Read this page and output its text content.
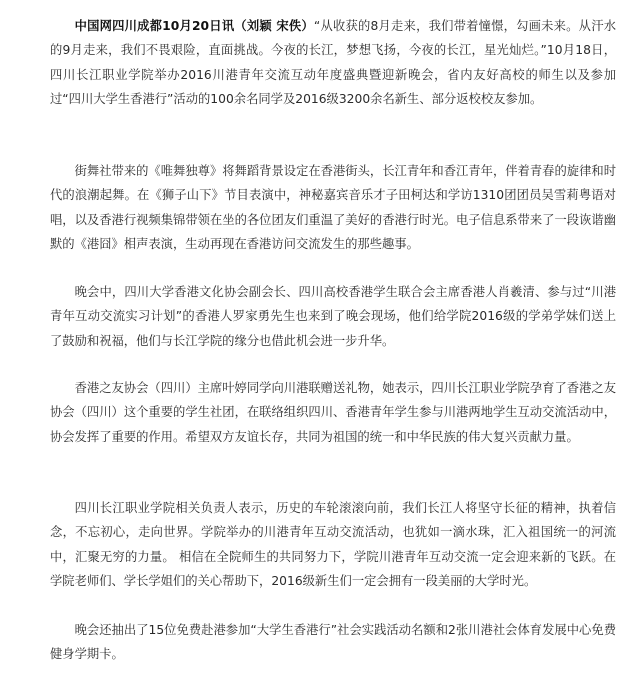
中国网四川成都10月20日讯（刘颖 宋佚）“从收获的8月走来，我们带着憧憬，勾画未来。从汗水的9月走来，我们不畏艰险，直面挑战。今夜的长江，梦想飞扬，今夜的长江，星光灿烂。”10月18日，四川长江职业学院举办2016川港青年交流互动年度盛典暨迎新晚会，省内友好高校的师生以及参加过“四川大学生香港行”活动的100余名同学及2016级3200余名新生、部分返校校友参加。

街舞社带来的《唯舞独尊》将舞蹈背景设定在香港街头，长江青年和香江青年，伴着青春的旋律和时代的浪潮起舞。在《狮子山下》节目表演中，神秘嘉宾音乐才子田柯达和学访1310团团员吴雪莉粤语对唱，以及香港行视频集锦带领在坐的各位团友们重温了美好的香港行时光。电子信息系带来了一段诙谐幽默的《港囧》相声表演，生动再现在香港访问交流发生的那些趣事。

晚会中，四川大学香港文化协会副会长、四川高校香港学生联合会主席香港人肖羲清、参与过“川港青年互动交流实习计划”的香港人罗家勇先生也来到了晚会现场，他们给学院2016级的学弟学妹们送上了鼓励和祝福，他们与长江学院的缘分也借此机会进一步升华。

香港之友协会（四川）主席叶婷同学向川港联赠送礼物，她表示，四川长江职业学院孕育了香港之友协会（四川）这个重要的学生社团，在联络组织四川、香港青年学生参与川港两地学生互动交流活动中，协会发挥了重要的作用。希望双方友谊长存，共同为祖国的统一和中华民族的伟大复兴贡献力量。

四川长江职业学院相关负责人表示，历史的车轮滚滚向前，我们长江人将坚守长征的精神，执着信念，不忘初心，走向世界。学院举办的川港青年互动交流活动，也犹如一滴水珠，汇入祖国统一的河流中，汇聚无穷的力量。 相信在全院师生的共同努力下，学院川港青年互动交流一定会迎来新的飞跃。在学院老师们、学长学姐们的关心帮助下，2016级新生们一定会拥有一段美丽的大学时光。

晚会还抽出了15位免费赴港参加“大学生香港行”社会实践活动名额和2张川港社会体育发展中心免费健身学期卡。
